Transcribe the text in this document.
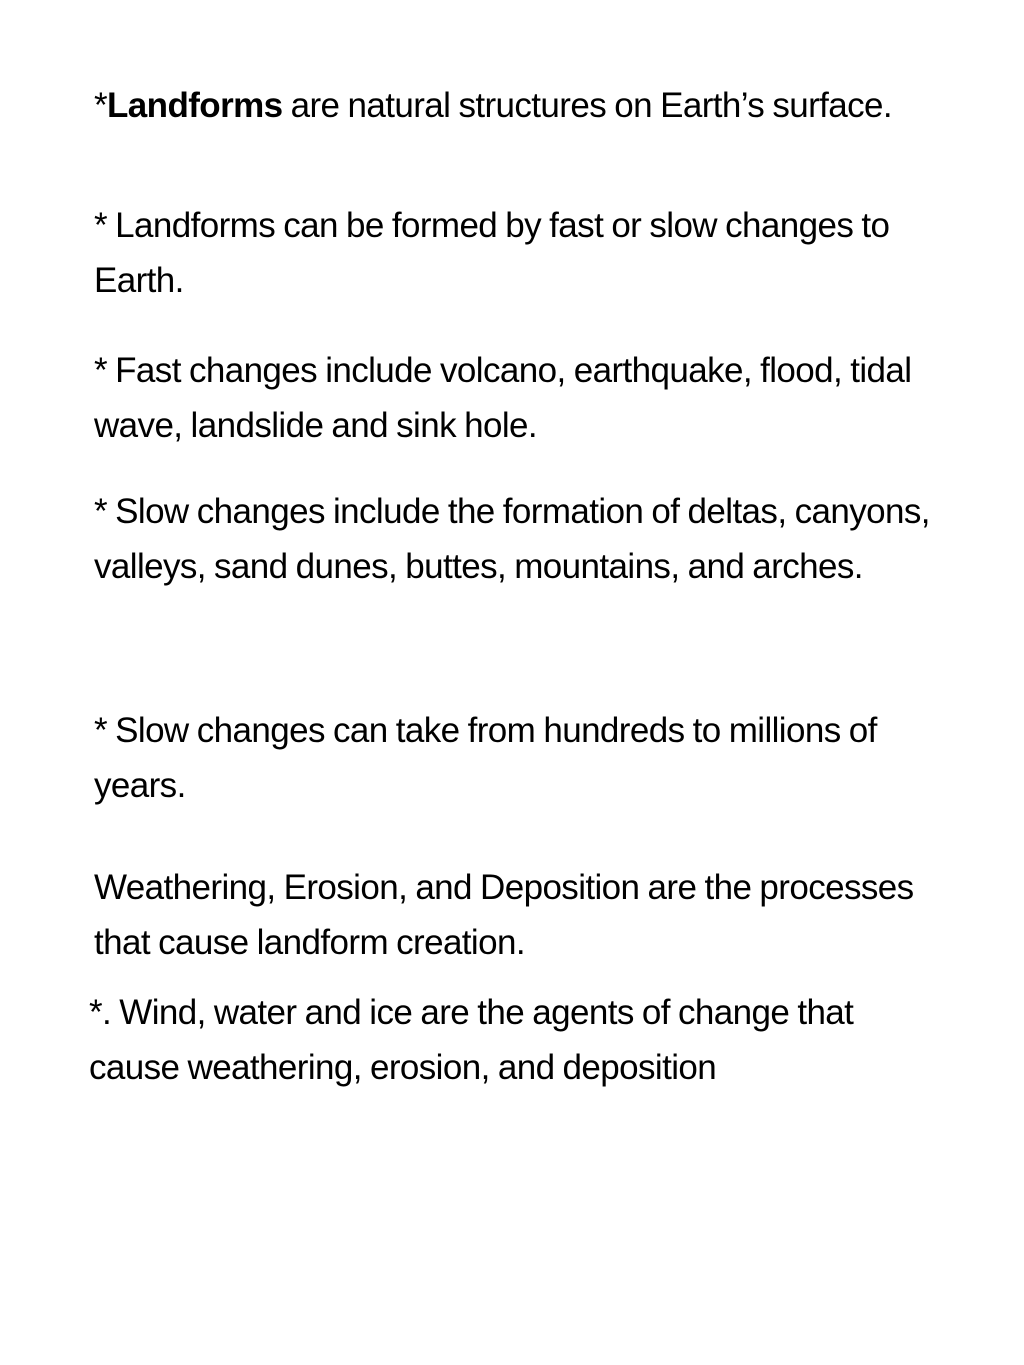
*Landforms are natural structures on Earth’s surface.

* Landforms can be formed by fast or slow changes to Earth.

* Fast changes include volcano, earthquake, flood, tidal wave, landslide and sink hole.

* Slow changes include the formation of deltas, canyons, valleys, sand dunes, buttes, mountains, and arches.

* Slow changes can take from hundreds to millions of years.

Weathering, Erosion, and Deposition are the processes that cause landform creation.

*. Wind, water and ice are the agents of change that cause weathering, erosion, and deposition
